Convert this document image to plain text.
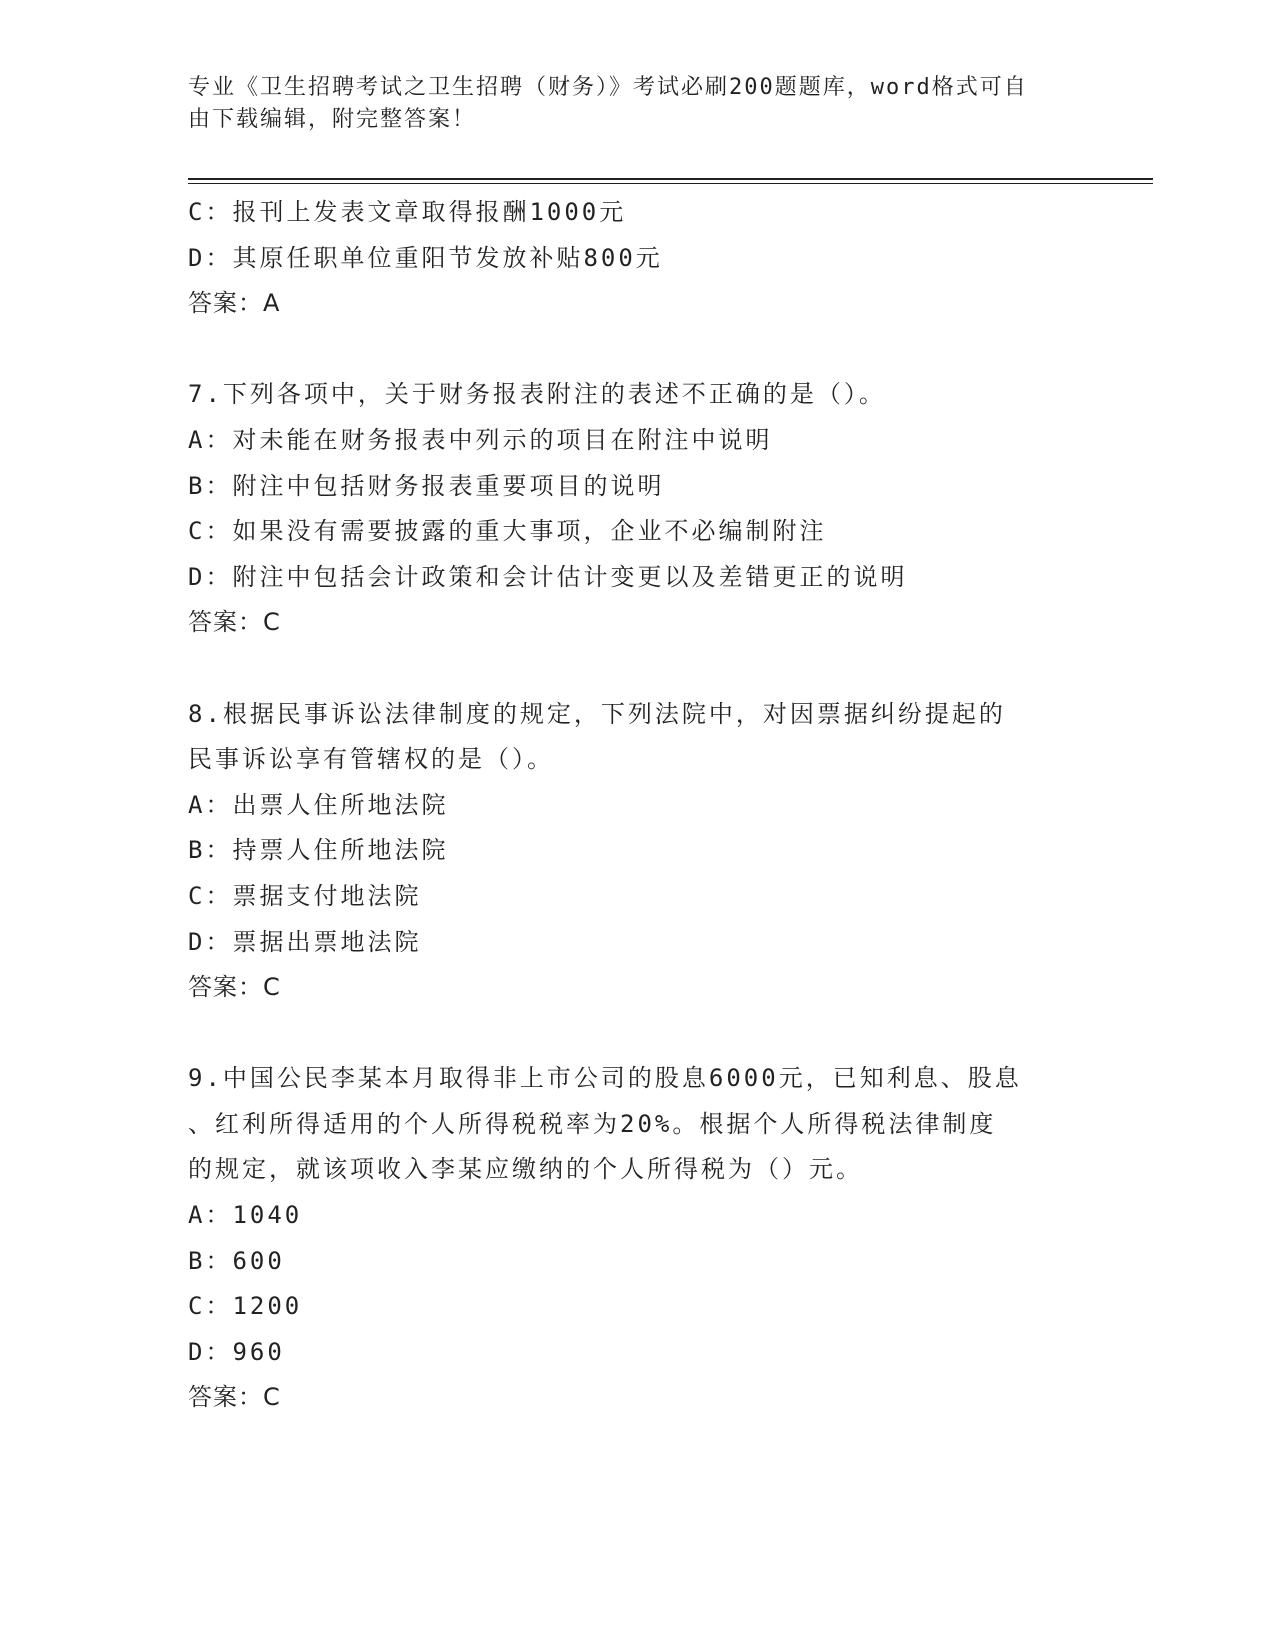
专业《卫生招聘考试之卫生招聘（财务）》考试必刷200题题库，word格式可自
由下载编辑，附完整答案！
C：报刊上发表文章取得报酬1000元
D：其原任职单位重阳节发放补贴800元
答案：A
7.下列各项中，关于财务报表附注的表述不正确的是（）。
A：对未能在财务报表中列示的项目在附注中说明
B：附注中包括财务报表重要项目的说明
C：如果没有需要披露的重大事项，企业不必编制附注
D：附注中包括会计政策和会计估计变更以及差错更正的说明
答案：C
8.根据民事诉讼法律制度的规定，下列法院中，对因票据纠纷提起的
民事诉讼享有管辖权的是（）。
A：出票人住所地法院
B：持票人住所地法院
C：票据支付地法院
D：票据出票地法院
答案：C
9.中国公民李某本月取得非上市公司的股息6000元，已知利息、股息
、红利所得适用的个人所得税税率为20%。根据个人所得税法律制度
的规定，就该项收入李某应缴纳的个人所得税为（）元。
A：1040
B：600
C：1200
D：960
答案：C
